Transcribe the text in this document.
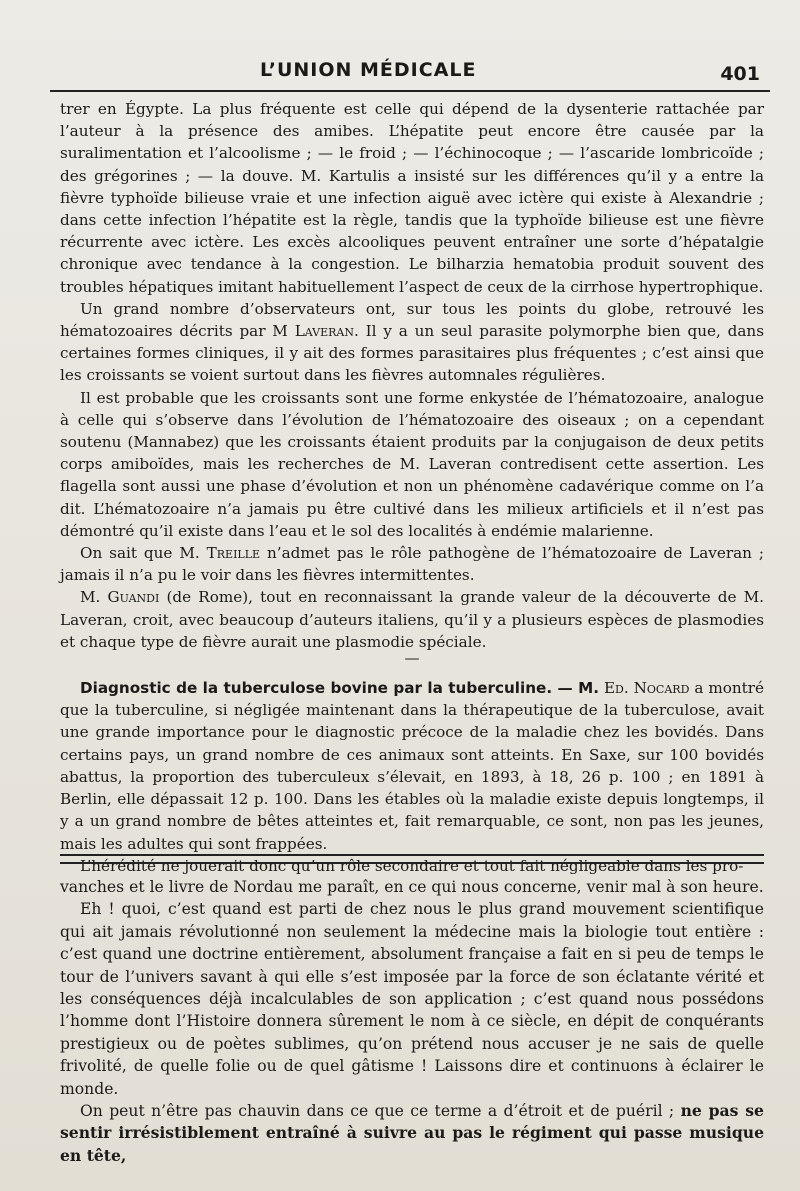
L’UNION MÉDICALE	401

trer en Égypte. La plus fréquente est celle qui dépend de la dysenterie rattachée par l’auteur à la présence des amibes. L’hépatite peut encore être causée par la suralimentation et l’alcoolisme ; — le froid ; — l’échinocoque ; — l’ascaride lombricoïde ; des grégorines ; — la douve. M. Kartulis a insisté sur les différences qu’il y a entre la fièvre typhoïde bilieuse vraie et une infection aiguë avec ictère qui existe à Alexandrie ; dans cette infection l’hépatite est la règle, tandis que la typhoïde bilieuse est une fièvre récurrente avec ictère. Les excès alcooliques peuvent entraîner une sorte d’hépatalgie chronique avec tendance à la congestion. Le bilharzia hematobia produit souvent des troubles hépatiques imitant habituellement l’aspect de ceux de la cirrhose hypertrophique.

Un grand nombre d’observateurs ont, sur tous les points du globe, retrouvé les hématozoaires décrits par M Laveran. Il y a un seul parasite polymorphe bien que, dans certaines formes cliniques, il y ait des formes parasitaires plus fréquentes ; c’est ainsi que les croissants se voient surtout dans les fièvres automnales régulières.

Il est probable que les croissants sont une forme enkystée de l’hématozoaire, analogue à celle qui s’observe dans l’évolution de l’hématozoaire des oiseaux ; on a cependant soutenu (Mannabez) que les croissants étaient produits par la conjugaison de deux petits corps amiboïdes, mais les recherches de M. Laveran contredisent cette assertion. Les flagella sont aussi une phase d’évolution et non un phénomène cadavérique comme on l’a dit. L’hématozoaire n’a jamais pu être cultivé dans les milieux artificiels et il n’est pas démontré qu’il existe dans l’eau et le sol des localités à endémie malarienne.

On sait que M. Treille n’admet pas le rôle pathogène de l’hématozoaire de Laveran ; jamais il n’a pu le voir dans les fièvres intermittentes.

M. Guandi (de Rome), tout en reconnaissant la grande valeur de la découverte de M. Laveran, croit, avec beaucoup d’auteurs italiens, qu’il y a plusieurs espèces de plasmodies et chaque type de fièvre aurait une plasmodie spéciale.

—

Diagnostic de la tuberculose bovine par la tuberculine. — M. Ed. Nocard a montré que la tuberculine, si négligée maintenant dans la thérapeutique de la tuberculose, avait une grande importance pour le diagnostic précoce de la maladie chez les bovidés. Dans certains pays, un grand nombre de ces animaux sont atteints. En Saxe, sur 100 bovidés abattus, la proportion des tuberculeux s’élevait, en 1893, à 18, 26 p. 100 ; en 1891 à Berlin, elle dépassait 12 p. 100. Dans les étables où la maladie existe depuis longtemps, il y a un grand nombre de bêtes atteintes et, fait remarquable, ce sont, non pas les jeunes, mais les adultes qui sont frappées.

L’hérédité ne jouerait donc qu’un rôle secondaire et tout fait négligeable dans les pro-

vanches et le livre de Nordau me paraît, en ce qui nous concerne, venir mal à son heure.

Eh ! quoi, c’est quand est parti de chez nous le plus grand mouvement scientifique qui ait jamais révolutionné non seulement la médecine mais la biologie tout entière : c’est quand une doctrine entièrement, absolument française a fait en si peu de temps le tour de l’univers savant à qui elle s’est imposée par la force de son éclatante vérité et les conséquences déjà incalculables de son application ; c’est quand nous possédons l’homme dont l’Histoire donnera sûrement le nom à ce siècle, en dépit de conquérants prestigieux ou de poètes sublimes, qu’on prétend nous accuser je ne sais de quelle frivolité, de quelle folie ou de quel gâtisme ! Laissons dire et continuons à éclairer le monde.

On peut n’être pas chauvin dans ce que ce terme a d’étroit et de puéril ; ne pas se sentir irrésistiblement entraîné à suivre au pas le régiment qui passe musique en tête,
